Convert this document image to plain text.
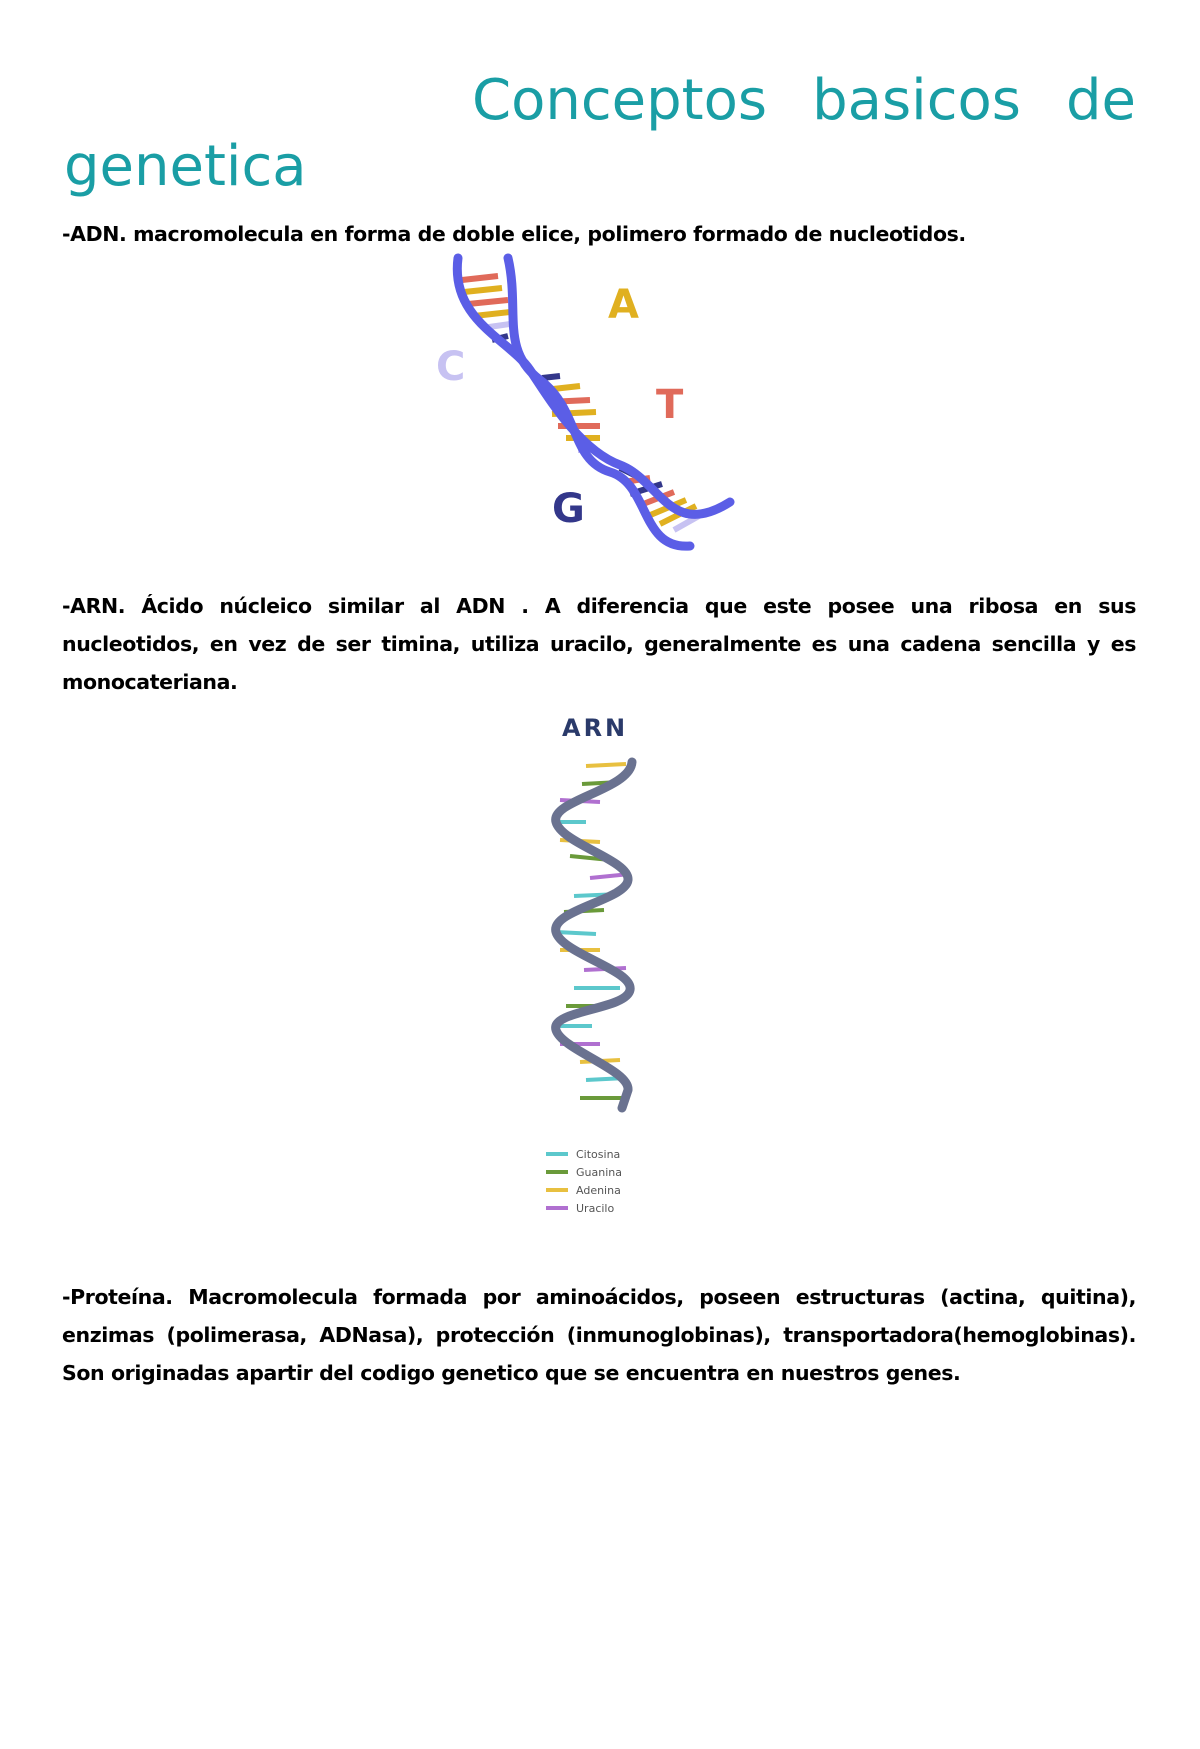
Conceptos basicos de genetica

-ADN. macromolecula en forma de doble elice, polimero formado de nucleotidos.

A
C
T
G

-ARN. Ácido núcleico similar al ADN . A diferencia que este posee una ribosa en sus nucleotidos, en vez de ser timina, utiliza uracilo, generalmente es una cadena sencilla y es monocateriana.

ARN
Citosina
Guanina
Adenina
Uracilo

-Proteína. Macromolecula formada por aminoácidos, poseen estructuras (actina, quitina), enzimas (polimerasa, ADNasa), protección (inmunoglobinas), transportadora(hemoglobinas). Son originadas apartir del codigo genetico que se encuentra en nuestros genes.
